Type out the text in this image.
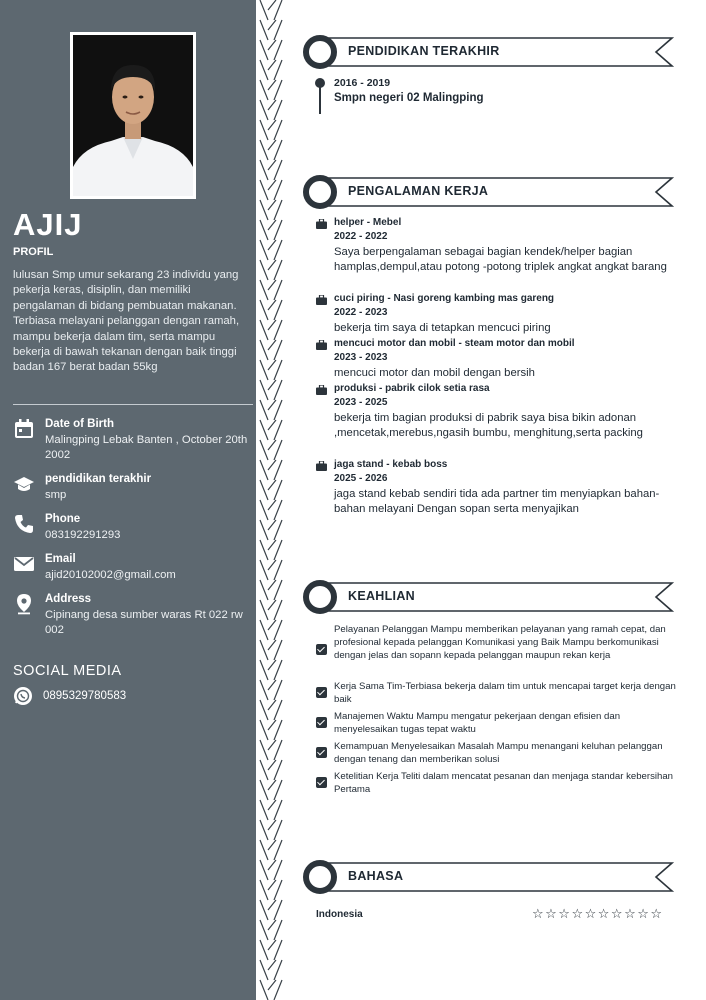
AJIJ
PROFIL
lulusan Smp umur sekarang 23 individu yang pekerja keras, disiplin, dan memiliki pengalaman di bidang pembuatan makanan. Terbiasa melayani pelanggan dengan ramah, mampu bekerja dalam tim, serta mampu bekerja di bawah tekanan dengan baik tinggi badan 167 berat badan 55kg
Date of Birth
Malingping Lebak Banten , October 20th 2002
pendidikan terakhir
smp
Phone
083192291293
Email
ajid20102002@gmail.com
Address
Cipinang desa sumber waras Rt 022 rw 002
SOCIAL MEDIA
0895329780583
PENDIDIKAN TERAKHIR
2016 - 2019
Smpn negeri 02 Malingping
PENGALAMAN KERJA
helper - Mebel
2022 - 2022
Saya berpengalaman sebagai bagian kendek/helper bagian hamplas,dempul,atau potong -potong triplek angkat angkat barang
cuci piring - Nasi goreng kambing mas gareng
2022 - 2023
bekerja tim saya di tetapkan mencuci piring
mencuci motor dan mobil - steam motor dan mobil
2023 - 2023
mencuci motor dan mobil dengan bersih
produksi - pabrik cilok setia rasa
2023 - 2025
bekerja tim bagian produksi di pabrik saya bisa bikin adonan ,mencetak,merebus,ngasih bumbu, menghitung,serta packing
jaga stand - kebab boss
2025 - 2026
jaga stand kebab sendiri tida ada partner tim menyiapkan bahan-bahan melayani Dengan sopan serta menyajikan
KEAHLIAN
Pelayanan Pelanggan Mampu memberikan pelayanan yang ramah cepat, dan profesional kepada pelanggan Komunikasi yang Baik Mampu berkomunikasi dengan jelas dan sopann kepada pelanggan maupun rekan kerja
Kerja Sama Tim-Terbiasa bekerja dalam tim untuk mencapai target kerja dengan baik
Manajemen Waktu Mampu mengatur pekerjaan dengan efisien dan menyelesaikan tugas tepat waktu
Kemampuan Menyelesaikan Masalah Mampu menangani keluhan pelanggan dengan tenang dan memberikan solusi
Ketelitian Kerja Teliti dalam mencatat pesanan dan menjaga standar kebersihan Pertama
BAHASA
Indonesia	☆☆☆☆☆☆☆☆☆☆
